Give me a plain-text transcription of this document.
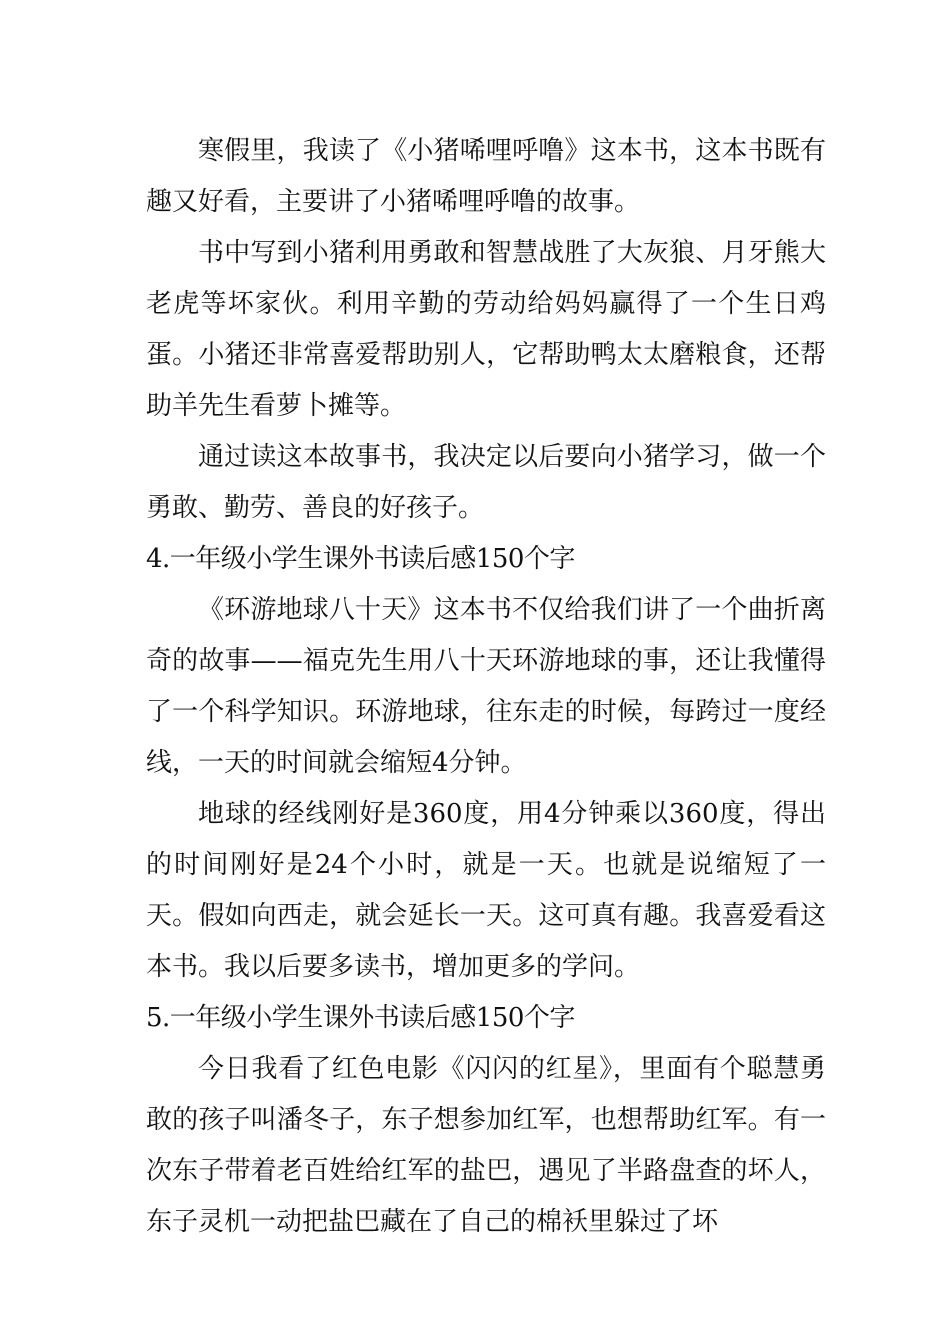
寒假里，我读了《小猪唏哩呼噜》这本书，这本书既有趣又好看，主要讲了小猪唏哩呼噜的故事。

书中写到小猪利用勇敢和智慧战胜了大灰狼、月牙熊大老虎等坏家伙。利用辛勤的劳动给妈妈赢得了一个生日鸡蛋。小猪还非常喜爱帮助别人，它帮助鸭太太磨粮食，还帮助羊先生看萝卜摊等。

通过读这本故事书，我决定以后要向小猪学习，做一个勇敢、勤劳、善良的好孩子。

4.一年级小学生课外书读后感150个字

《环游地球八十天》这本书不仅给我们讲了一个曲折离奇的故事——福克先生用八十天环游地球的事，还让我懂得了一个科学知识。环游地球，往东走的时候，每跨过一度经线，一天的时间就会缩短4分钟。

地球的经线刚好是360度，用4分钟乘以360度，得出的时间刚好是24个小时，就是一天。也就是说缩短了一天。假如向西走，就会延长一天。这可真有趣。我喜爱看这本书。我以后要多读书，增加更多的学问。

5.一年级小学生课外书读后感150个字

今日我看了红色电影《闪闪的红星》，里面有个聪慧勇敢的孩子叫潘冬子，东子想参加红军，也想帮助红军。有一次东子带着老百姓给红军的盐巴，遇见了半路盘查的坏人，东子灵机一动把盐巴藏在了自己的棉袄里躲过了坏
